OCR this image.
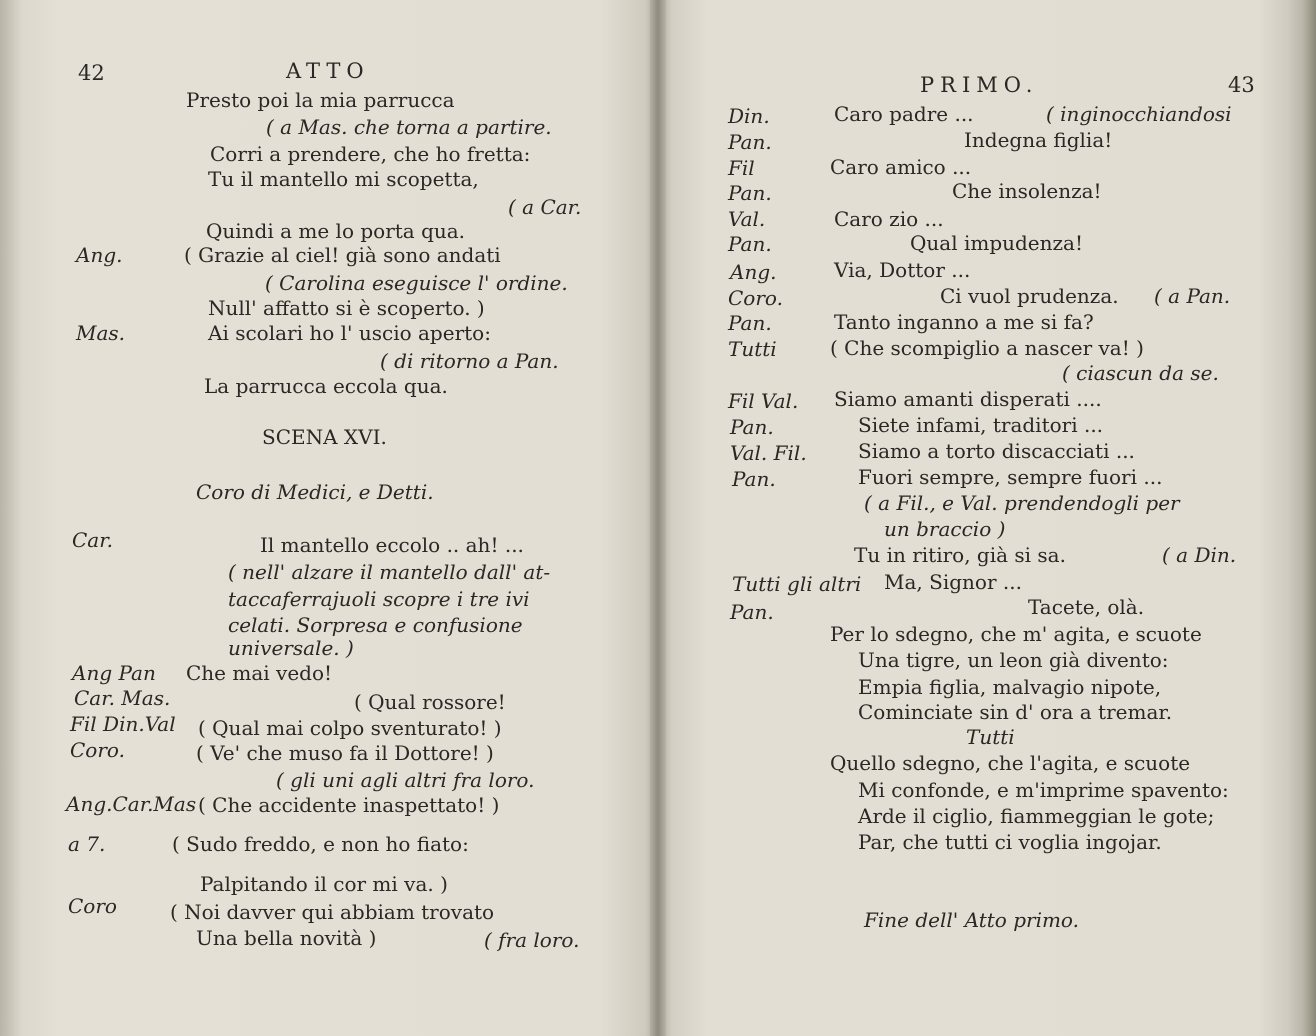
42	ATTO
Presto poi la mia parrucca
( a Mas. che torna a partire.
Corri a prendere, che ho fretta:
Tu il mantello mi scopetta,
( a Car.
Quindi a me lo porta qua.
Ang.	( Grazie al ciel! già sono andati
( Carolina eseguisce l' ordine.
Null' affatto si è scoperto. )
Mas.	Ai scolari ho l' uscio aperto:
( di ritorno a Pan.
La parrucca eccola qua.
SCENA XVI.
Coro di Medici, e Detti.
Car.	Il mantello eccolo .. ah! ...
( nell' alzare il mantello dall' at-
taccaferrajuoli scopre i tre ivi
celati. Sorpresa e confusione
universale. )
Ang Pan Che mai vedo!
Car. Mas.	( Qual rossore!
Fil Din.Val ( Qual mai colpo sventurato! )
Coro.	( Ve' che muso fa il Dottore! )
( gli uni agli altri fra loro.
Ang.Car.Mas ( Che accidente inaspettato! )
a 7.	( Sudo freddo, e non ho fiato:
Palpitando il cor mi va. )
Coro	( Noi davver qui abbiam trovato
Una bella novità )	( fra loro.
PRIMO.	43
Din.	Caro padre ...	( inginocchiandosi
Pan.	Indegna figlia!
Fil	Caro amico ...
Pan.	Che insolenza!
Val.	Caro zio ...
Pan.	Qual impudenza!
Ang.	Via, Dottor ...
Coro.	Ci vuol prudenza. ( a Pan.
Pan.	Tanto inganno a me si fa?
Tutti	( Che scompiglio a nascer va! )
( ciascun da se.
Fil Val. Siamo amanti disperati ....
Pan.	Siete infami, traditori ...
Val. Fil.	Siamo a torto discacciati ...
Pan.	Fuori sempre, sempre fuori ...
( a Fil., e Val. prendendogli per
un braccio )
Tu in ritiro, già si sa.	( a Din.
Tutti gli altri Ma, Signor ...
Pan.	Tacete, olà.
Per lo sdegno, che m' agita, e scuote
Una tigre, un leon già divento:
Empia figlia, malvagio nipote,
Cominciate sin d' ora a tremar.
Tutti
Quello sdegno, che l'agita, e scuote
Mi confonde, e m'imprime spavento:
Arde il ciglio, fiammeggian le gote;
Par, che tutti ci voglia ingojar.
Fine dell' Atto primo.
